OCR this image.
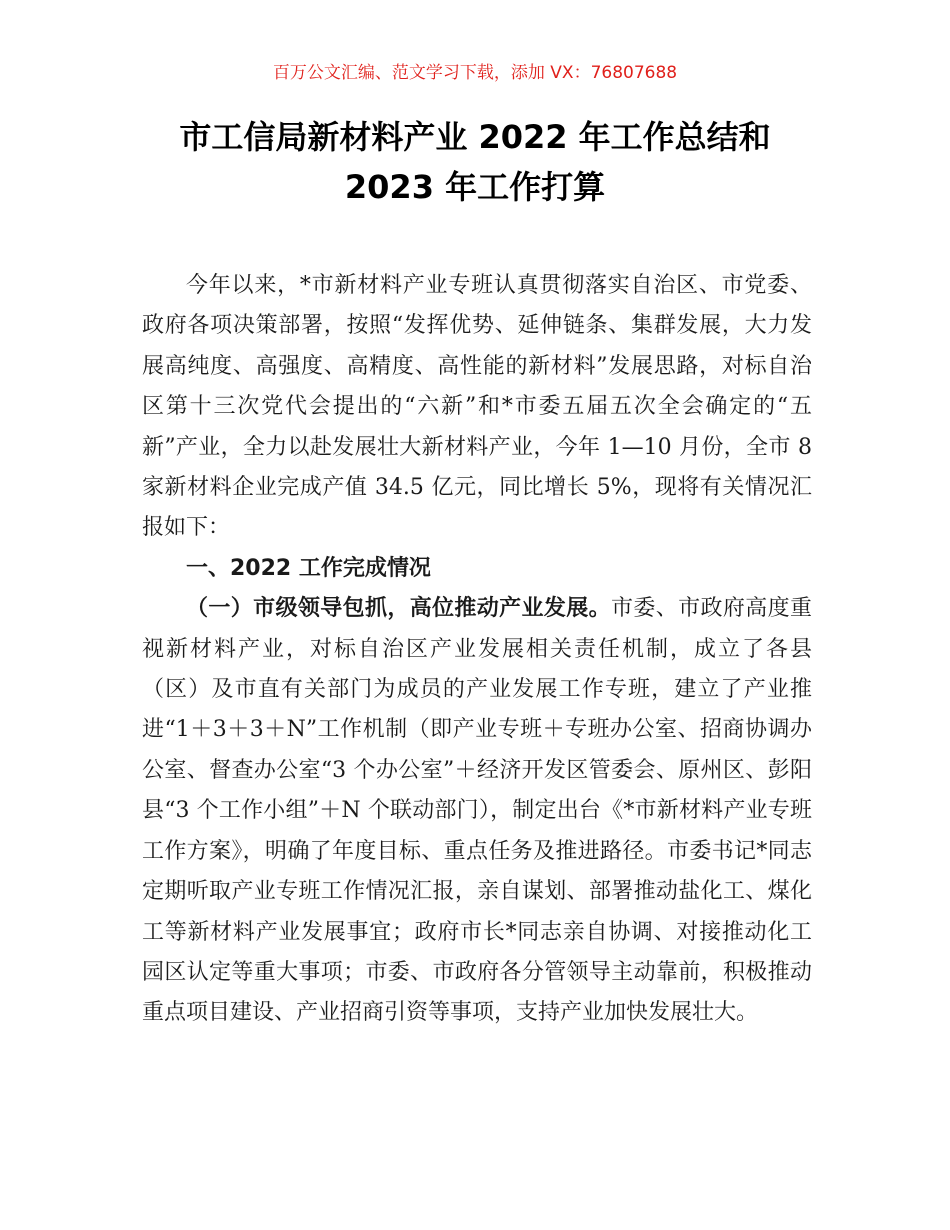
百万公文汇编、范文学习下载，添加 VX：76807688
市工信局新材料产业 2022 年工作总结和
2023 年工作打算

今年以来，*市新材料产业专班认真贯彻落实自治区、市党委、政府各项决策部署，按照“发挥优势、延伸链条、集群发展，大力发展高纯度、高强度、高精度、高性能的新材料”发展思路，对标自治区第十三次党代会提出的“六新”和*市委五届五次全会确定的“五新”产业，全力以赴发展壮大新材料产业，今年 1—10 月份，全市 8 家新材料企业完成产值 34.5 亿元，同比增长 5%，现将有关情况汇报如下：

一、2022 工作完成情况

（一）市级领导包抓，高位推动产业发展。市委、市政府高度重视新材料产业，对标自治区产业发展相关责任机制，成立了各县（区）及市直有关部门为成员的产业发展工作专班，建立了产业推进“1＋3＋3＋N”工作机制（即产业专班＋专班办公室、招商协调办公室、督查办公室“3 个办公室”＋经济开发区管委会、原州区、彭阳县“3 个工作小组”＋N 个联动部门），制定出台《*市新材料产业专班工作方案》，明确了年度目标、重点任务及推进路径。市委书记*同志定期听取产业专班工作情况汇报，亲自谋划、部署推动盐化工、煤化工等新材料产业发展事宜；政府市长*同志亲自协调、对接推动化工园区认定等重大事项；市委、市政府各分管领导主动靠前，积极推动重点项目建设、产业招商引资等事项，支持产业加快发展壮大。
